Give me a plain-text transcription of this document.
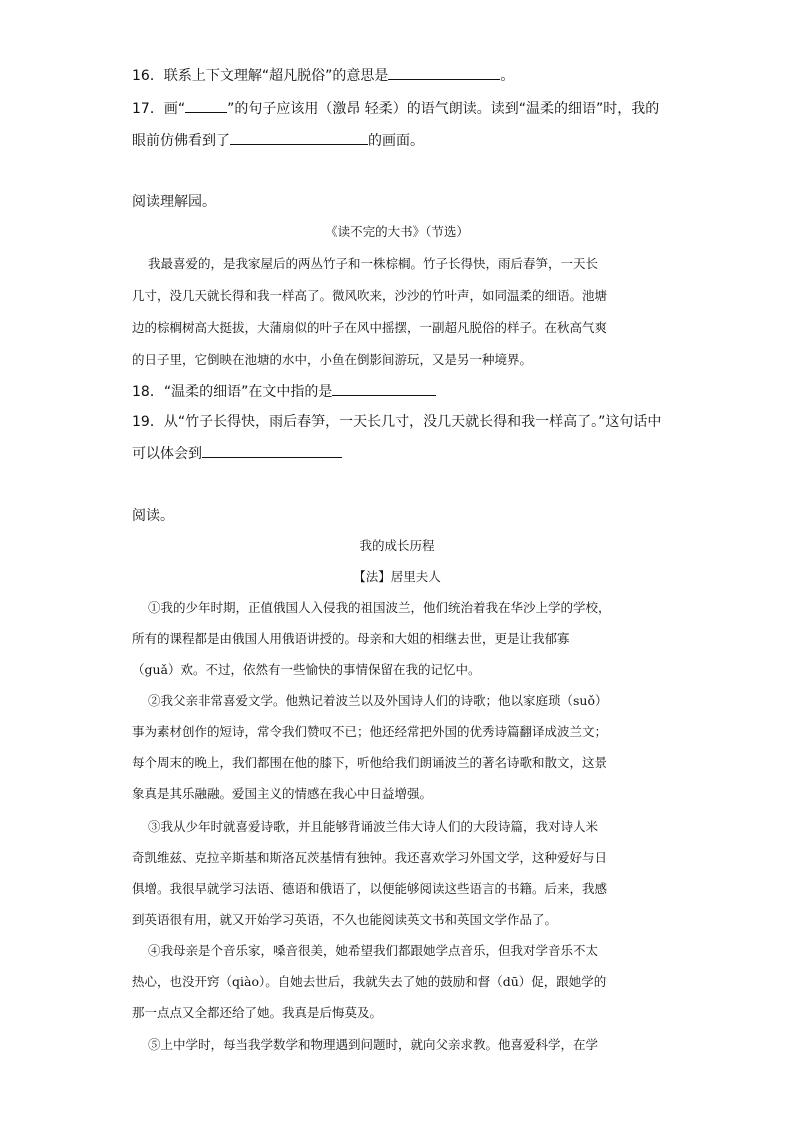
16．联系上下文理解“超凡脱俗”的意思是	。
17．画“	”的句子应该用（激昂 轻柔）的语气朗读。读到“温柔的细语”时，我的
眼前仿佛看到了	的画面。
阅读理解园。
《读不完的大书》（节选）
我最喜爱的，是我家屋后的两丛竹子和一株棕榈。竹子长得快，雨后春笋，一天长
几寸，没几天就长得和我一样高了。微风吹来，沙沙的竹叶声，如同温柔的细语。池塘
边的棕榈树高大挺拔，大蒲扇似的叶子在风中摇摆，一副超凡脱俗的样子。在秋高气爽
的日子里，它倒映在池塘的水中，小鱼在倒影间游玩，又是另一种境界。
18．“温柔的细语”在文中指的是
19．从“竹子长得快，雨后春笋，一天长几寸，没几天就长得和我一样高了。”这句话中
可以体会到
阅读。
我的成长历程
【法】居里夫人
①我的少年时期，正值俄国人入侵我的祖国波兰，他们统治着我在华沙上学的学校，
所有的课程都是由俄国人用俄语讲授的。母亲和大姐的相继去世，更是让我郁寡
（guǎ）欢。不过，依然有一些愉快的事情保留在我的记忆中。
②我父亲非常喜爱文学。他熟记着波兰以及外国诗人们的诗歌；他以家庭琐（suǒ）
事为素材创作的短诗，常令我们赞叹不已；他还经常把外国的优秀诗篇翻译成波兰文；
每个周末的晚上，我们都围在他的膝下，听他给我们朗诵波兰的著名诗歌和散文，这景
象真是其乐融融。爱国主义的情感在我心中日益增强。
③我从少年时就喜爱诗歌，并且能够背诵波兰伟大诗人们的大段诗篇，我对诗人米
奇凯维兹、克拉辛斯基和斯洛瓦茨基情有独钟。我还喜欢学习外国文学，这种爱好与日
俱增。我很早就学习法语、德语和俄语了，以便能够阅读这些语言的书籍。后来，我感
到英语很有用，就又开始学习英语，不久也能阅读英文书和英国文学作品了。
④我母亲是个音乐家，嗓音很美，她希望我们都跟她学点音乐，但我对学音乐不太
热心，也没开窍（qiào）。自她去世后，我就失去了她的鼓励和督（dū）促，跟她学的
那一点点又全都还给了她。我真是后悔莫及。
⑤上中学时，每当我学数学和物理遇到问题时，就向父亲求教。他喜爱科学，在学
